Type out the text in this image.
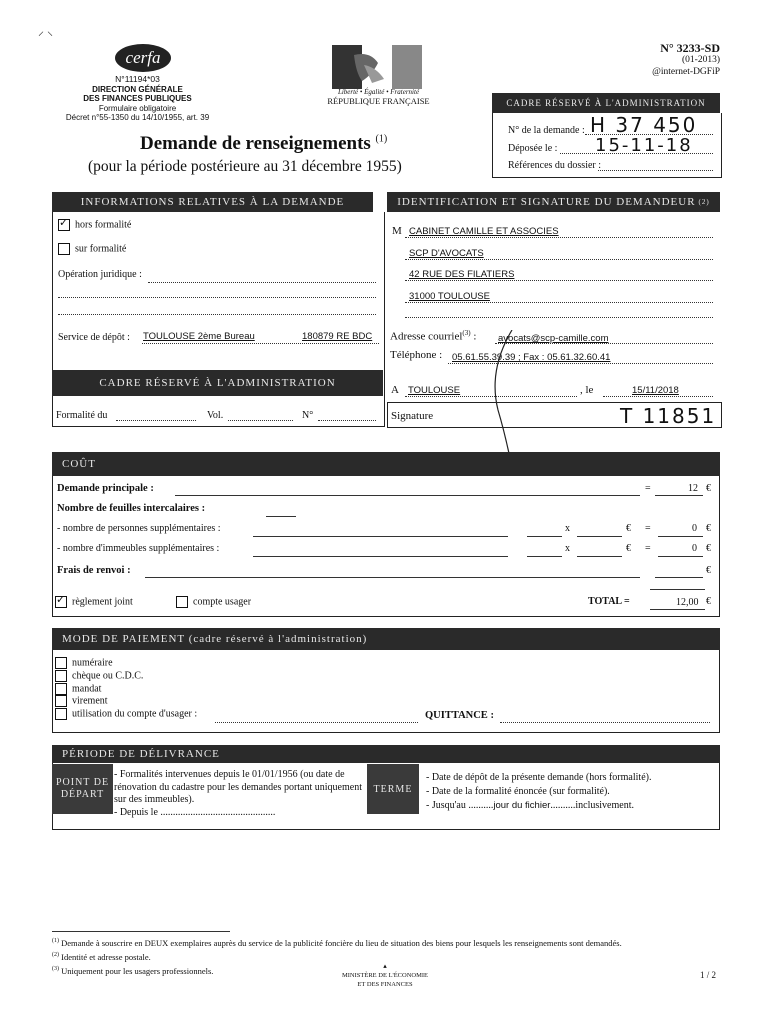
cerfa
N°11194*03
DIRECTION GÉNÉRALE
DES FINANCES PUBLIQUES
Formulaire obligatoire
Décret n°55-1350 du 14/10/1955, art. 39
Liberté • Égalité • Fraternité
RÉPUBLIQUE FRANÇAISE
N° 3233-SD
(01-2013)
@internet-DGFiP
CADRE RÉSERVÉ À L'ADMINISTRATION
N° de la demande : H 37 450
Déposée le : 15-11-18
Références du dossier :
Demande de renseignements $^{(1)}$
(pour la période postérieure au 31 décembre 1955)
INFORMATIONS RELATIVES À LA DEMANDE
✓hors formalité
sur formalité
Opération juridique :
Service de dépôt : TOULOUSE 2ème Bureau	180879 RE BDC
CADRE RÉSERVÉ À L'ADMINISTRATION
Formalité du	Vol.	N°
IDENTIFICATION ET SIGNATURE DU DEMANDEUR (2)
M CABINET CAMILLE ET ASSOCIES
SCP D'AVOCATS
42 RUE DES FILATIERS
31000 TOULOUSE
Adresse courriel$^{(3)}$ : avocats@scp-camille.com
Téléphone : 05.61.55.39.39 ; Fax : 05.61.32.60.41
A TOULOUSE	, le	15/11/2018
Signature	T 11851
COÛT
Demande principale :	=	12 €
Nombre de feuilles intercalaires :
- nombre de personnes supplémentaires :	x	€ =	0 €
- nombre d'immeubles supplémentaires :	x	€ =	0 €
Frais de renvoi :	€
✓règlement joint	compte usager	TOTAL =	12,00 €
MODE DE PAIEMENT (cadre réservé à l'administration)
numéraire
chèque ou C.D.C.
mandat
virement
utilisation du compte d'usager :	QUITTANCE :
PÉRIODE DE DÉLIVRANCE
POINT DE DÉPART
- Formalités intervenues depuis le 01/01/1956 (ou date de rénovation du cadastre pour les demandes portant uniquement sur des immeubles).
- Depuis le ..............................................
TERME
- Date de dépôt de la présente demande (hors formalité).
- Date de la formalité énoncée (sur formalité).
- Jusqu'au ..........jour du fichier..........inclusivement.
$^{(1)}$ Demande à souscrire en DEUX exemplaires auprès du service de la publicité foncière du lieu de situation des biens pour lesquels les renseignements sont demandés.
$^{(2)}$ Identité et adresse postale.
$^{(3)}$ Uniquement pour les usagers professionnels.	▴
MINISTÈRE DE L'ÉCONOMIE
ET DES FINANCES
1 / 2
⸝ ⸜
